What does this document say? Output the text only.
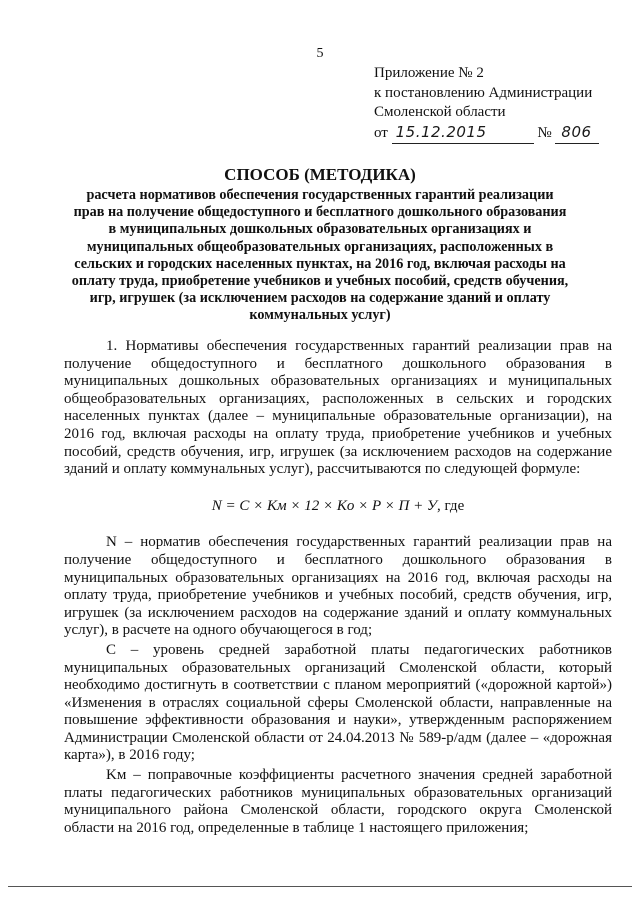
5
Приложение № 2
к постановлению Администрации
Смоленской области
от 15.12.2015	№ 806
СПОСОБ (МЕТОДИКА)
расчета нормативов обеспечения государственных гарантий реализации прав на получение общедоступного и бесплатного дошкольного образования в муниципальных дошкольных образовательных организациях и муниципальных общеобразовательных организациях, расположенных в сельских и городских населенных пунктах, на 2016 год, включая расходы на оплату труда, приобретение учебников и учебных пособий, средств обучения, игр, игрушек (за исключением расходов на содержание зданий и оплату коммунальных услуг)

1. Нормативы обеспечения государственных гарантий реализации прав на получение общедоступного и бесплатного дошкольного образования в муниципальных дошкольных образовательных организациях и муниципальных общеобразовательных организациях, расположенных в сельских и городских населенных пунктах (далее – муниципальные образовательные организации), на 2016 год, включая расходы на оплату труда, приобретение учебников и учебных пособий, средств обучения, игр, игрушек (за исключением расходов на содержание зданий и оплату коммунальных услуг), рассчитываются по следующей формуле:

N = C × Kм × 12 × Ko × P × П + У, где

N – норматив обеспечения государственных гарантий реализации прав на получение общедоступного и бесплатного дошкольного образования в муниципальных образовательных организациях на 2016 год, включая расходы на оплату труда, приобретение учебников и учебных пособий, средств обучения, игр, игрушек (за исключением расходов на содержание зданий и оплату коммунальных услуг), в расчете на одного обучающегося в год;

С – уровень средней заработной платы педагогических работников муниципальных образовательных организаций Смоленской области, который необходимо достигнуть в соответствии с планом мероприятий («дорожной картой») «Изменения в отраслях социальной сферы Смоленской области, направленные на повышение эффективности образования и науки», утвержденным распоряжением Администрации Смоленской области от 24.04.2013 № 589-р/адм (далее – «дорожная карта»), в 2016 году;

Kм – поправочные коэффициенты расчетного значения средней заработной платы педагогических работников муниципальных образовательных организаций муниципального района Смоленской области, городского округа Смоленской области на 2016 год, определенные в таблице 1 настоящего приложения;
